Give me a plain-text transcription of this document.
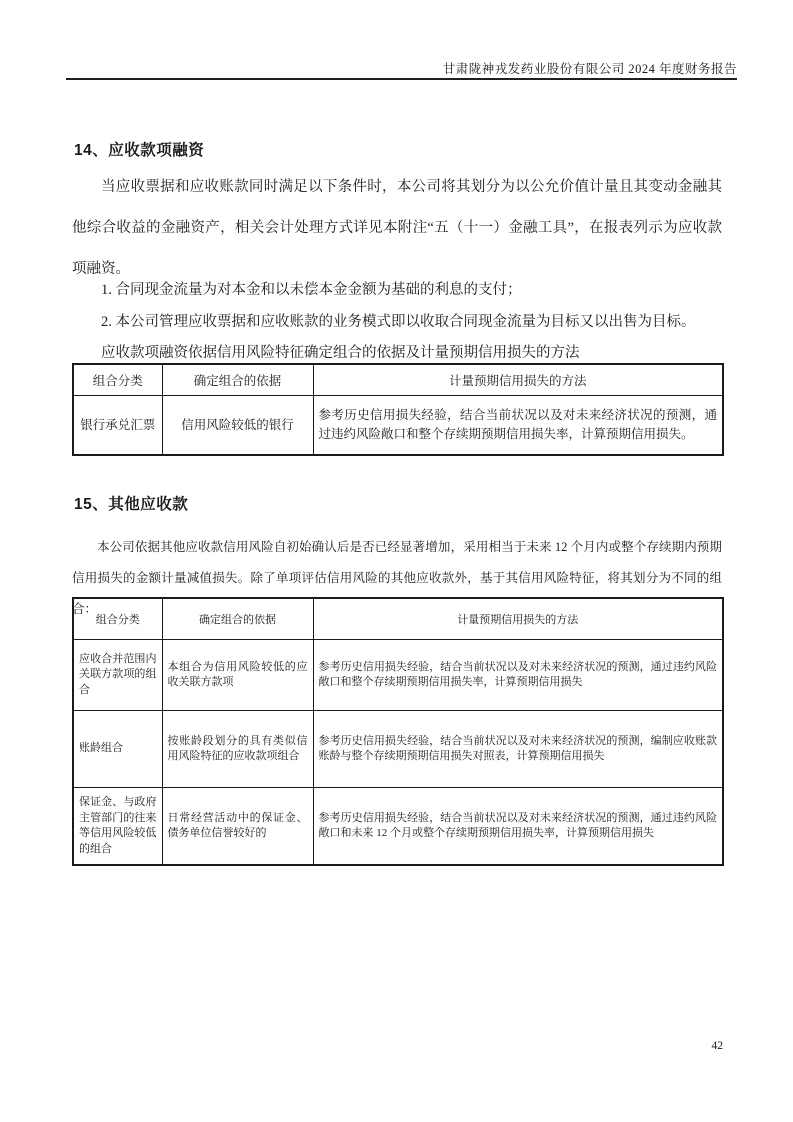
甘肃陇神戎发药业股份有限公司 2024 年度财务报告
14、应收款项融资
当应收票据和应收账款同时满足以下条件时，本公司将其划分为以公允价值计量且其变动金融其他综合收益的金融资产，相关会计处理方式详见本附注“五（十一）金融工具”，在报表列示为应收款项融资。
1. 合同现金流量为对本金和以未偿本金金额为基础的利息的支付；
2. 本公司管理应收票据和应收账款的业务模式即以收取合同现金流量为目标又以出售为目标。
应收款项融资依据信用风险特征确定组合的依据及计量预期信用损失的方法
组合分类	确定组合的依据	计量预期信用损失的方法
银行承兑汇票	信用风险较低的银行	参考历史信用损失经验，结合当前状况以及对未来经济状况的预测，通过违约风险敞口和整个存续期预期信用损失率，计算预期信用损失。
15、其他应收款
本公司依据其他应收款信用风险自初始确认后是否已经显著增加，采用相当于未来 12 个月内或整个存续期内预期信用损失的金额计量减值损失。除了单项评估信用风险的其他应收款外，基于其信用风险特征，将其划分为不同的组合：
组合分类	确定组合的依据	计量预期信用损失的方法
应收合并范围内关联方款项的组合	本组合为信用风险较低的应收关联方款项	参考历史信用损失经验，结合当前状况以及对未来经济状况的预测，通过违约风险敞口和整个存续期预期信用损失率，计算预期信用损失
账龄组合	按账龄段划分的具有类似信用风险特征的应收款项组合	参考历史信用损失经验，结合当前状况以及对未来经济状况的预测，编制应收账款账龄与整个存续期预期信用损失对照表，计算预期信用损失
保证金、与政府主管部门的往来等信用风险较低的组合	日常经营活动中的保证金、债务单位信誉较好的	参考历史信用损失经验，结合当前状况以及对未来经济状况的预测，通过违约风险敞口和未来 12 个月或整个存续期预期信用损失率，计算预期信用损失
42
